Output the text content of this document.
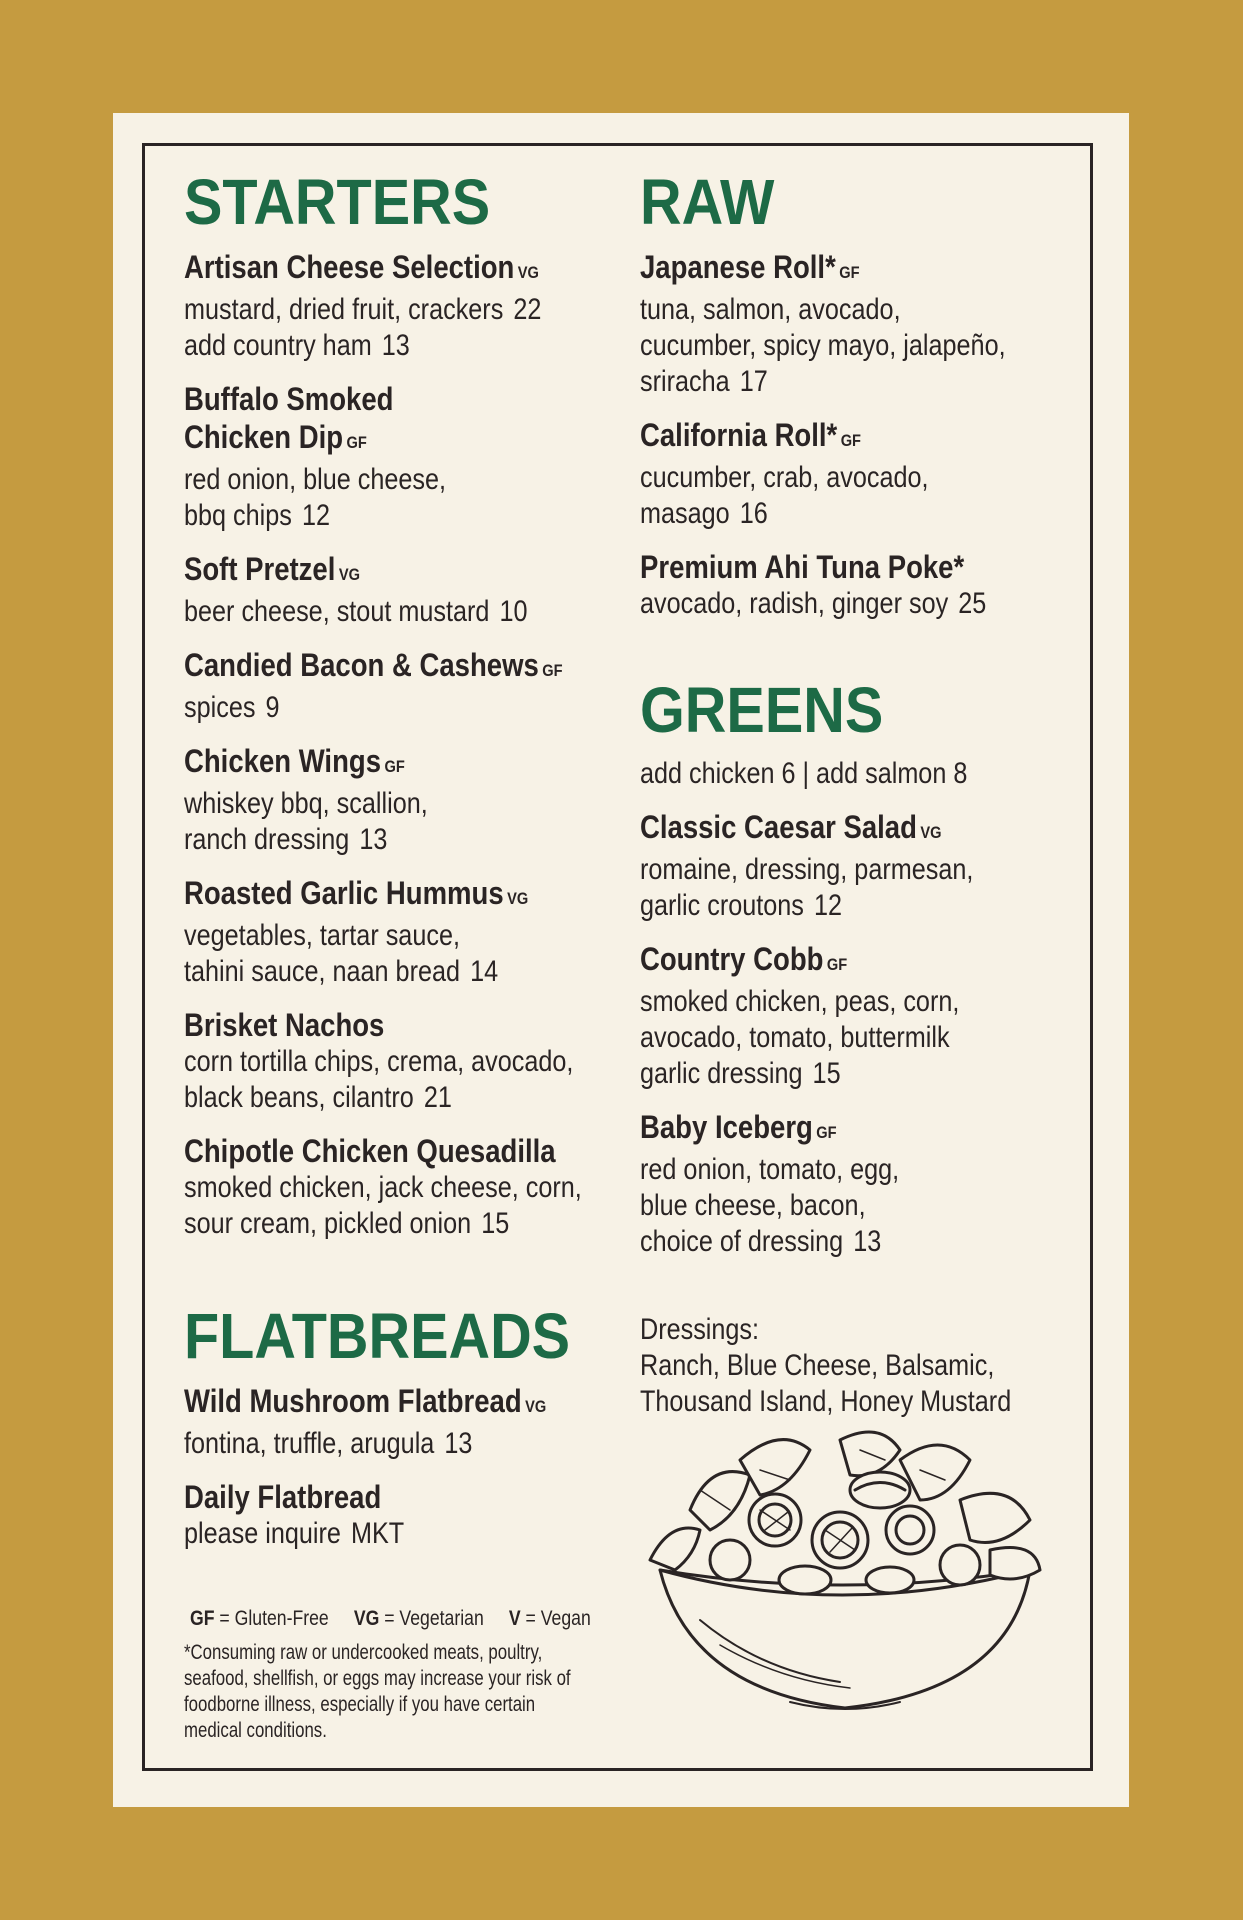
STARTERS
Artisan Cheese Selection VG
mustard, dried fruit, crackers 22
add country ham 13
Buffalo Smoked
Chicken Dip GF
red onion, blue cheese,
bbq chips 12
Soft Pretzel VG
beer cheese, stout mustard 10
Candied Bacon & Cashews GF
spices 9
Chicken Wings GF
whiskey bbq, scallion,
ranch dressing 13
Roasted Garlic Hummus VG
vegetables, tartar sauce,
tahini sauce, naan bread 14
Brisket Nachos
corn tortilla chips, crema, avocado,
black beans, cilantro 21
Chipotle Chicken Quesadilla
smoked chicken, jack cheese, corn,
sour cream, pickled onion 15
FLATBREADS
Wild Mushroom Flatbread VG
fontina, truffle, arugula 13
Daily Flatbread
please inquire MKT
GF = Gluten-Free VG = Vegetarian V = Vegan
*Consuming raw or undercooked meats, poultry,
seafood, shellfish, or eggs may increase your risk of
foodborne illness, especially if you have certain
medical conditions.
RAW
Japanese Roll* GF
tuna, salmon, avocado,
cucumber, spicy mayo, jalapeño,
sriracha 17
California Roll* GF
cucumber, crab, avocado,
masago 16
Premium Ahi Tuna Poke*
avocado, radish, ginger soy 25
GREENS
add chicken 6 | add salmon 8
Classic Caesar Salad VG
romaine, dressing, parmesan,
garlic croutons 12
Country Cobb GF
smoked chicken, peas, corn,
avocado, tomato, buttermilk
garlic dressing 15
Baby Iceberg GF
red onion, tomato, egg,
blue cheese, bacon,
choice of dressing 13
Dressings:
Ranch, Blue Cheese, Balsamic,
Thousand Island, Honey Mustard
